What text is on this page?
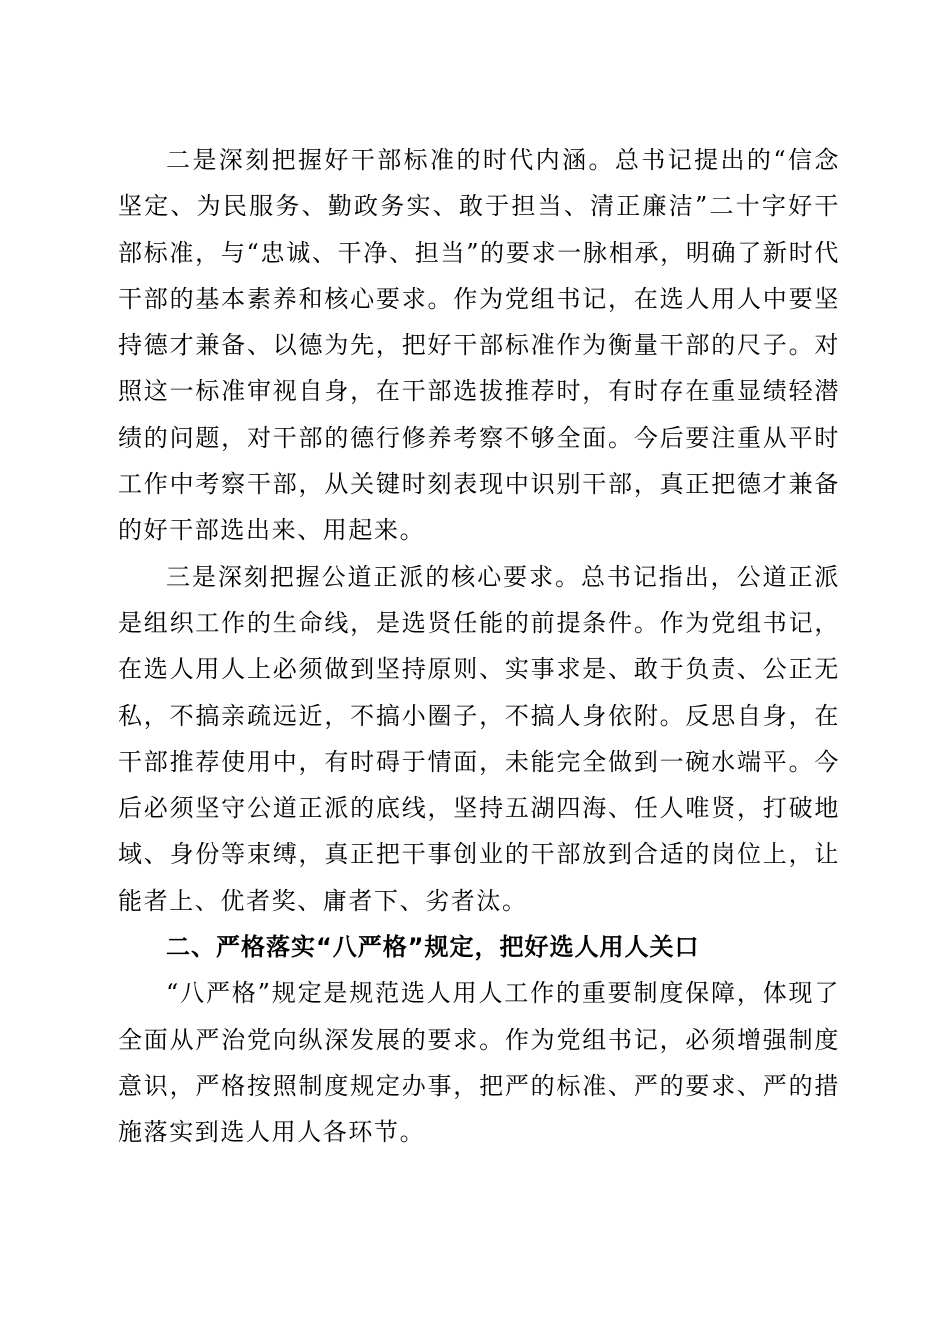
二是深刻把握好干部标准的时代内涵。总书记提出的“信念坚定、为民服务、勤政务实、敢于担当、清正廉洁”二十字好干部标准，与“忠诚、干净、担当”的要求一脉相承，明确了新时代干部的基本素养和核心要求。作为党组书记，在选人用人中要坚持德才兼备、以德为先，把好干部标准作为衡量干部的尺子。对照这一标准审视自身，在干部选拔推荐时，有时存在重显绩轻潜绩的问题，对干部的德行修养考察不够全面。今后要注重从平时工作中考察干部，从关键时刻表现中识别干部，真正把德才兼备的好干部选出来、用起来。

三是深刻把握公道正派的核心要求。总书记指出，公道正派是组织工作的生命线，是选贤任能的前提条件。作为党组书记，在选人用人上必须做到坚持原则、实事求是、敢于负责、公正无私，不搞亲疏远近，不搞小圈子，不搞人身依附。反思自身，在干部推荐使用中，有时碍于情面，未能完全做到一碗水端平。今后必须坚守公道正派的底线，坚持五湖四海、任人唯贤，打破地域、身份等束缚，真正把干事创业的干部放到合适的岗位上，让能者上、优者奖、庸者下、劣者汰。

二、严格落实“八严格”规定，把好选人用人关口

“八严格”规定是规范选人用人工作的重要制度保障，体现了全面从严治党向纵深发展的要求。作为党组书记，必须增强制度意识，严格按照制度规定办事，把严的标准、严的要求、严的措施落实到选人用人各环节。
